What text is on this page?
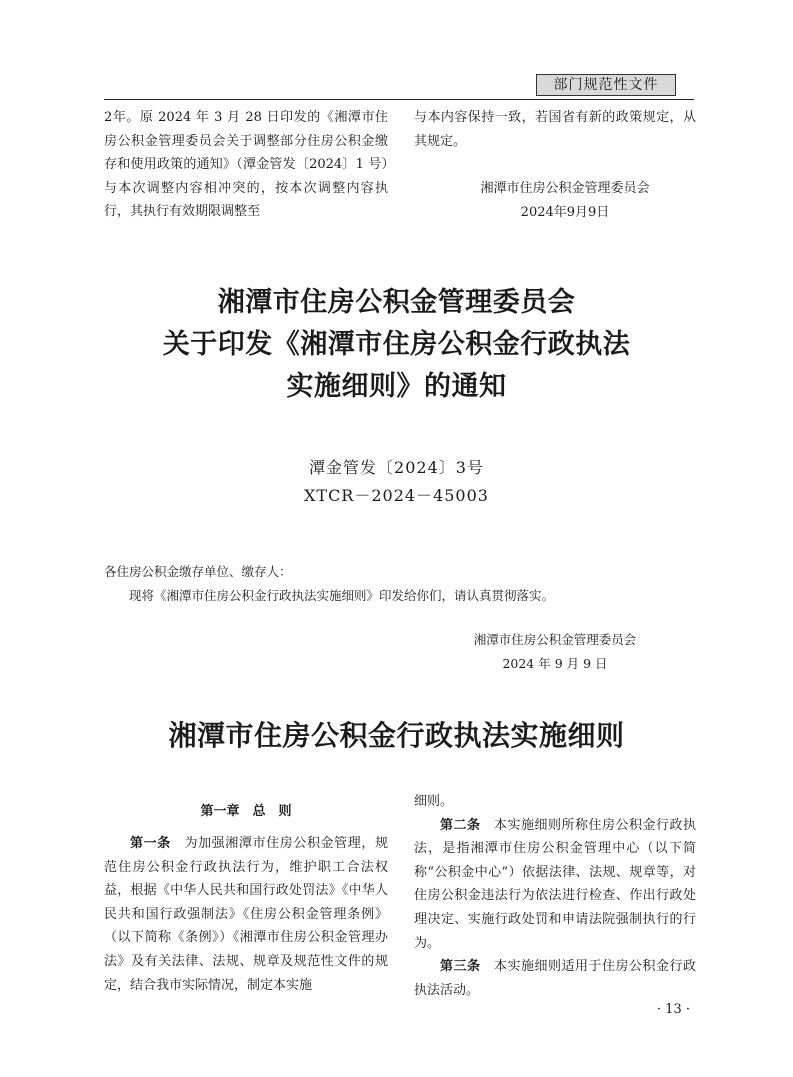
部门规范性文件

2年。原 2024 年 3 月 28 日印发的《湘潭市住房公积金管理委员会关于调整部分住房公积金缴存和使用政策的通知》（潭金管发〔2024〕1 号）与本次调整内容相冲突的，按本次调整内容执行，其执行有效期限调整至

与本内容保持一致，若国省有新的政策规定，从其规定。

湘潭市住房公积金管理委员会
2024年9月9日
湘潭市住房公积金管理委员会
关于印发《湘潭市住房公积金行政执法
实施细则》的通知
潭金管发〔2024〕3号
XTCR－2024－45003

各住房公积金缴存单位、缴存人：

现将《湘潭市住房公积金行政执法实施细则》印发给你们，请认真贯彻落实。

湘潭市住房公积金管理委员会
2024 年 9 月 9 日
湘潭市住房公积金行政执法实施细则
第一章　总　则

第一条　为加强湘潭市住房公积金管理，规范住房公积金行政执法行为，维护职工合法权益，根据《中华人民共和国行政处罚法》《中华人民共和国行政强制法》《住房公积金管理条例》（以下简称《条例》）《湘潭市住房公积金管理办法》及有关法律、法规、规章及规范性文件的规定，结合我市实际情况，制定本实施

细则。

第二条　本实施细则所称住房公积金行政执法，是指湘潭市住房公积金管理中心（以下简称“公积金中心”）依据法律、法规、规章等，对住房公积金违法行为依法进行检查、作出行政处理决定、实施行政处罚和申请法院强制执行的行为。

第三条　本实施细则适用于住房公积金行政执法活动。

· 13 ·
